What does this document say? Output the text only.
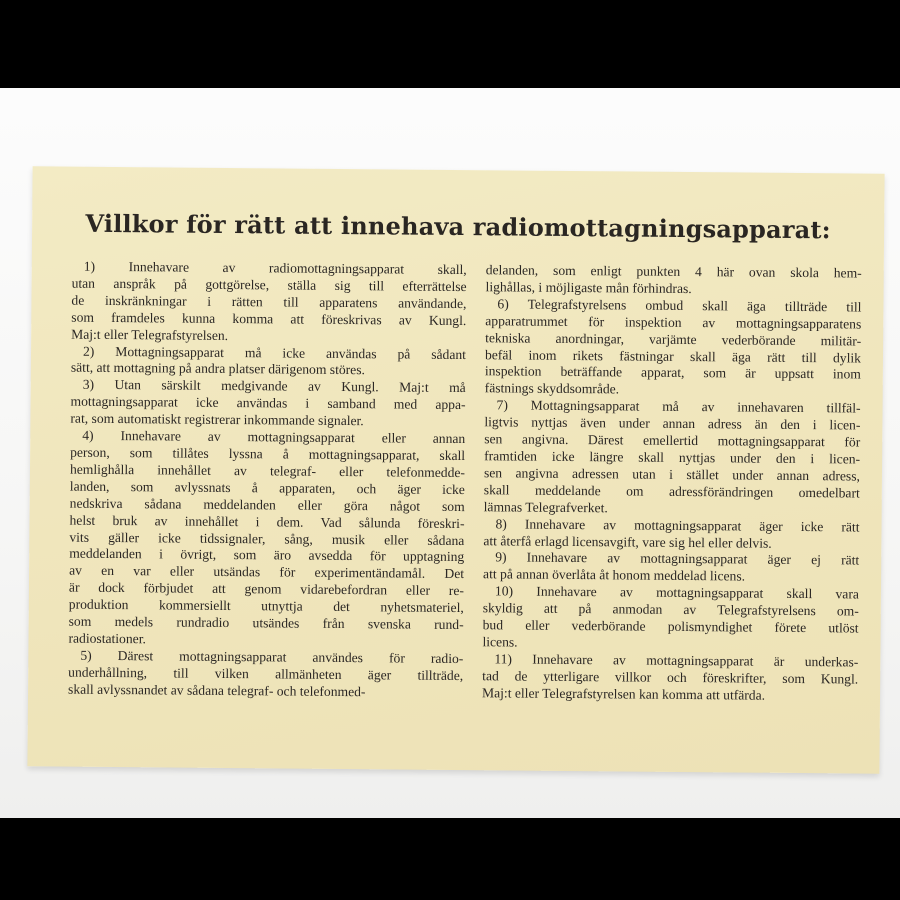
Villkor för rätt att innehava radiomottagningsapparat:
1) Innehavare av radiomottagningsapparat skall,
utan anspråk på gottgörelse, ställa sig till efterrättelse
de inskränkningar i rätten till apparatens användande,
som framdeles kunna komma att föreskrivas av Kungl.
Maj:t eller Telegrafstyrelsen.
2) Mottagningsapparat må icke användas på sådant
sätt, att mottagning på andra platser därigenom störes.
3) Utan särskilt medgivande av Kungl. Maj:t må
mottagningsapparat icke användas i samband med appa-
rat, som automatiskt registrerar inkommande signaler.
4) Innehavare av mottagningsapparat eller annan
person, som tillåtes lyssna å mottagningsapparat, skall
hemlighålla innehållet av telegraf- eller telefonmedde-
landen, som avlyssnats å apparaten, och äger icke
nedskriva sådana meddelanden eller göra något som
helst bruk av innehållet i dem. Vad sålunda föreskri-
vits gäller icke tidssignaler, sång, musik eller sådana
meddelanden i övrigt, som äro avsedda för upptagning
av en var eller utsändas för experimentändamål. Det
är dock förbjudet att genom vidarebefordran eller re-
produktion kommersiellt utnyttja det nyhetsmateriel,
som medels rundradio utsändes från svenska rund-
radiostationer.
5) Därest mottagningsapparat användes för radio-
underhållning, till vilken allmänheten äger tillträde,
skall avlyssnandet av sådana telegraf- och telefonmed-
delanden, som enligt punkten 4 här ovan skola hem-
lighållas, i möjligaste mån förhindras.
6) Telegrafstyrelsens ombud skall äga tillträde till
apparatrummet för inspektion av mottagningsapparatens
tekniska anordningar, varjämte vederbörande militär-
befäl inom rikets fästningar skall äga rätt till dylik
inspektion beträffande apparat, som är uppsatt inom
fästnings skyddsområde.
7) Mottagningsapparat må av innehavaren tillfäl-
ligtvis nyttjas även under annan adress än den i licen-
sen angivna. Därest emellertid mottagningsapparat för
framtiden icke längre skall nyttjas under den i licen-
sen angivna adressen utan i stället under annan adress,
skall meddelande om adressförändringen omedelbart
lämnas Telegrafverket.
8) Innehavare av mottagningsapparat äger icke rätt
att återfå erlagd licensavgift, vare sig hel eller delvis.
9) Innehavare av mottagningsapparat äger ej rätt
att på annan överlåta åt honom meddelad licens.
10) Innehavare av mottagningsapparat skall vara
skyldig att på anmodan av Telegrafstyrelsens om-
bud eller vederbörande polismyndighet förete utlöst
licens.
11) Innehavare av mottagningsapparat är underkas-
tad de ytterligare villkor och föreskrifter, som Kungl.
Maj:t eller Telegrafstyrelsen kan komma att utfärda.
